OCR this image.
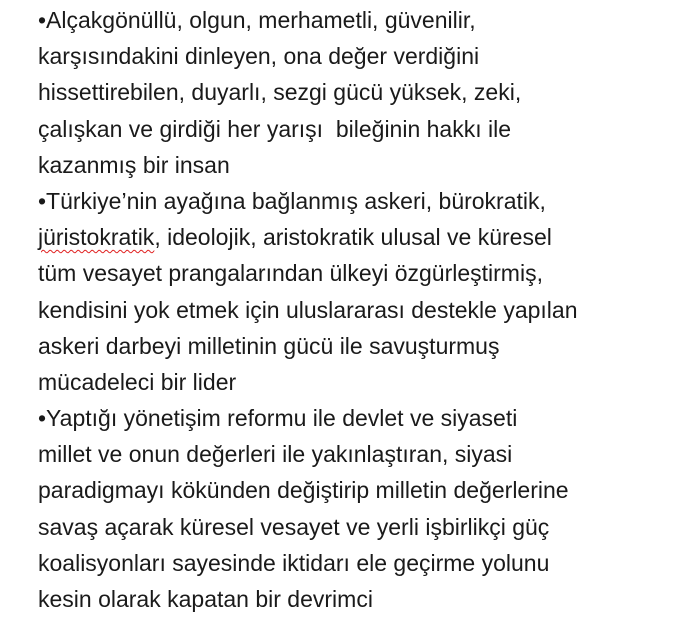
•Alçakgönüllü, olgun, merhametli, güvenilir,
karşısındakini dinleyen, ona değer verdiğini
hissettirebilen, duyarlı, sezgi gücü yüksek, zeki,
çalışkan ve girdiği her yarışı  bileğinin hakkı ile
kazanmış bir insan
•Türkiye’nin ayağına bağlanmış askeri, bürokratik,
jüristokratik, ideolojik, aristokratik ulusal ve küresel
tüm vesayet prangalarından ülkeyi özgürleştirmiş,
kendisini yok etmek için uluslararası destekle yapılan
askeri darbeyi milletinin gücü ile savuşturmuş
mücadeleci bir lider
•Yaptığı yönetişim reformu ile devlet ve siyaseti
millet ve onun değerleri ile yakınlaştıran, siyasi
paradigmayı kökünden değiştirip milletin değerlerine
savaş açarak küresel vesayet ve yerli işbirlikçi güç
koalisyonları sayesinde iktidarı ele geçirme yolunu
kesin olarak kapatan bir devrimci
